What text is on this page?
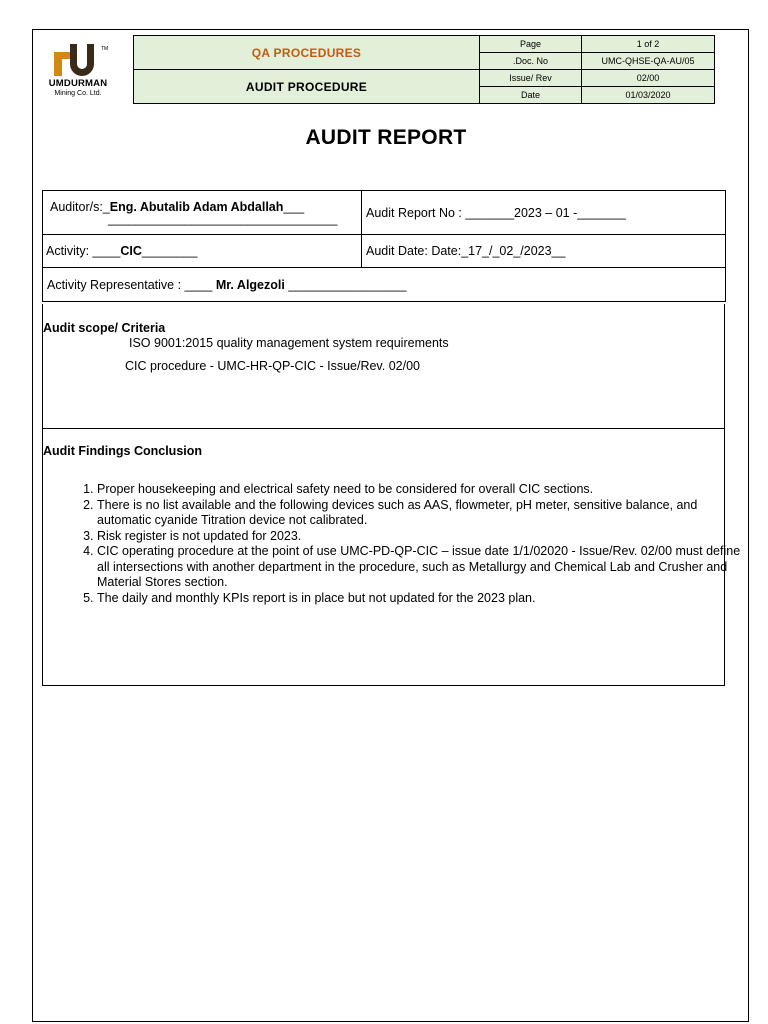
TM
UMDURMAN
Mining Co. Ltd.
QA PROCEDURES	Page	1 of 2
	.Doc. No	UMC-QHSE-QA-AU/05
AUDIT PROCEDURE	Issue/ Rev	02/00
	Date	01/03/2020
AUDIT REPORT
Auditor/s:_Eng. Abutalib Adam Abdallah___
_________________________________	Audit Report No : _______2023 – 01 -_______
Activity: ____CIC________	Audit Date: Date:_17_/_02_/2023__
Activity Representative : ____ Mr. Algezoli _________________	
Audit scope/ Criteria
ISO 9001:2015 quality management system requirements
CIC procedure - UMC-HR-QP-CIC - Issue/Rev. 02/00
Audit Findings Conclusion
1. Proper housekeeping and electrical safety need to be considered for overall CIC sections.
2. There is no list available and the following devices such as AAS, flowmeter, pH meter, sensitive balance, and automatic cyanide Titration device not calibrated.
3. Risk register is not updated for 2023.
4. CIC operating procedure at the point of use UMC-PD-QP-CIC – issue date 1/1/02020 - Issue/Rev. 02/00 must define all intersections with another department in the procedure, such as Metallurgy and Chemical Lab and Crusher and Material Stores section.
5. The daily and monthly KPIs report is in place but not updated for the 2023 plan.
